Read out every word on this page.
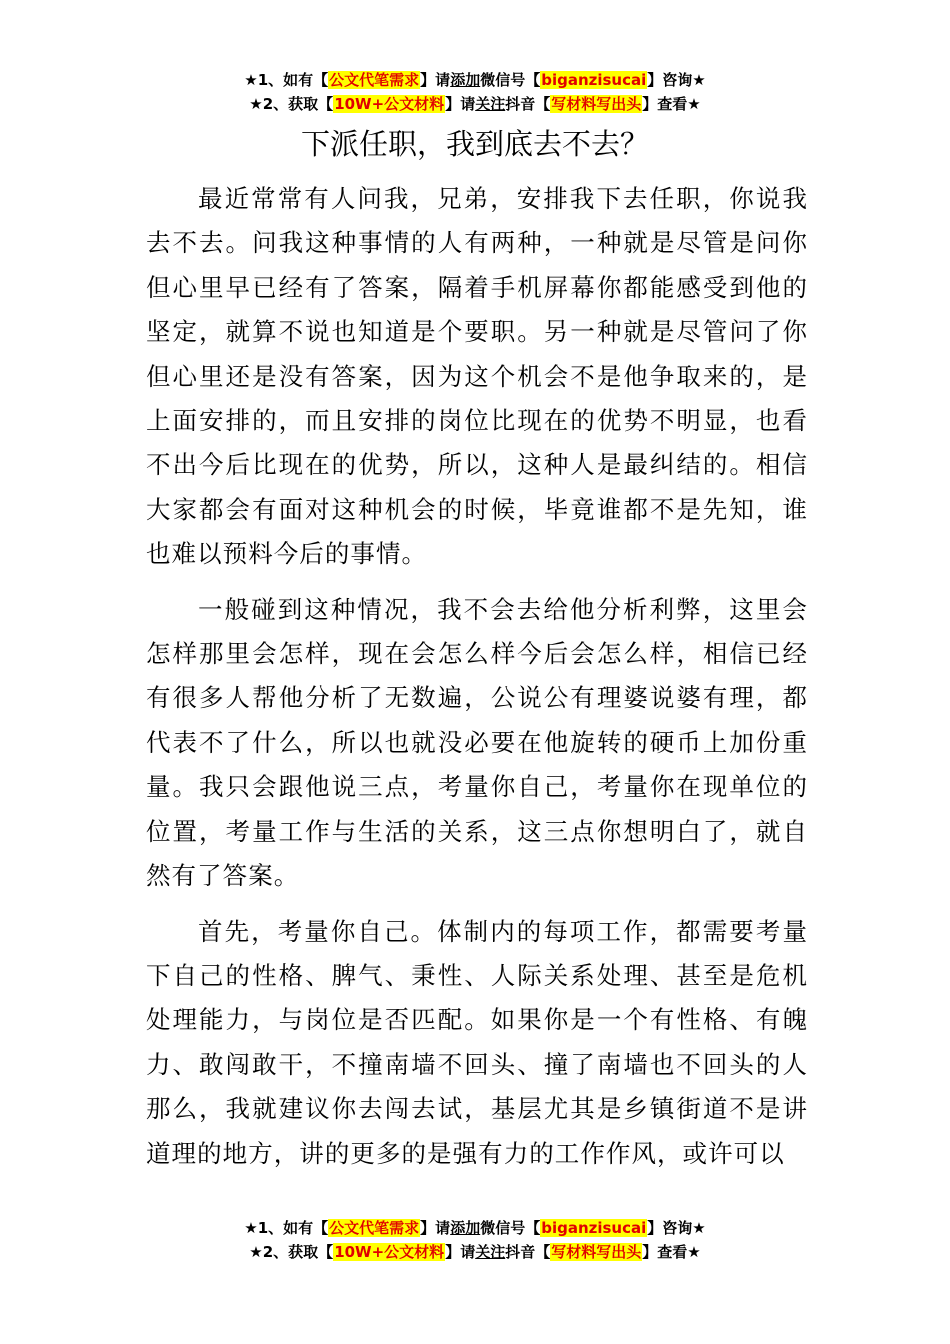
★1、如有【公文代笔需求】请添加微信号【biganzisucai】咨询★
★2、获取【10W+公文材料】请关注抖音【写材料写出头】查看★
下派任职，我到底去不去？

最近常常有人问我，兄弟，安排我下去任职，你说我去不去。问我这种事情的人有两种，一种就是尽管是问你但心里早已经有了答案，隔着手机屏幕你都能感受到他的坚定，就算不说也知道是个要职。另一种就是尽管问了你但心里还是没有答案，因为这个机会不是他争取来的，是上面安排的，而且安排的岗位比现在的优势不明显，也看不出今后比现在的优势，所以，这种人是最纠结的。相信大家都会有面对这种机会的时候，毕竟谁都不是先知，谁也难以预料今后的事情。

一般碰到这种情况，我不会去给他分析利弊，这里会怎样那里会怎样，现在会怎么样今后会怎么样，相信已经有很多人帮他分析了无数遍，公说公有理婆说婆有理，都代表不了什么，所以也就没必要在他旋转的硬币上加份重量。我只会跟他说三点，考量你自己，考量你在现单位的位置，考量工作与生活的关系，这三点你想明白了，就自然有了答案。

首先，考量你自己。体制内的每项工作，都需要考量下自己的性格、脾气、秉性、人际关系处理、甚至是危机处理能力，与岗位是否匹配。如果你是一个有性格、有魄力、敢闯敢干，不撞南墙不回头、撞了南墙也不回头的人那么，我就建议你去闯去试，基层尤其是乡镇街道不是讲道理的地方，讲的更多的是强有力的工作作风，或许可以

★1、如有【公文代笔需求】请添加微信号【biganzisucai】咨询★
★2、获取【10W+公文材料】请关注抖音【写材料写出头】查看★
